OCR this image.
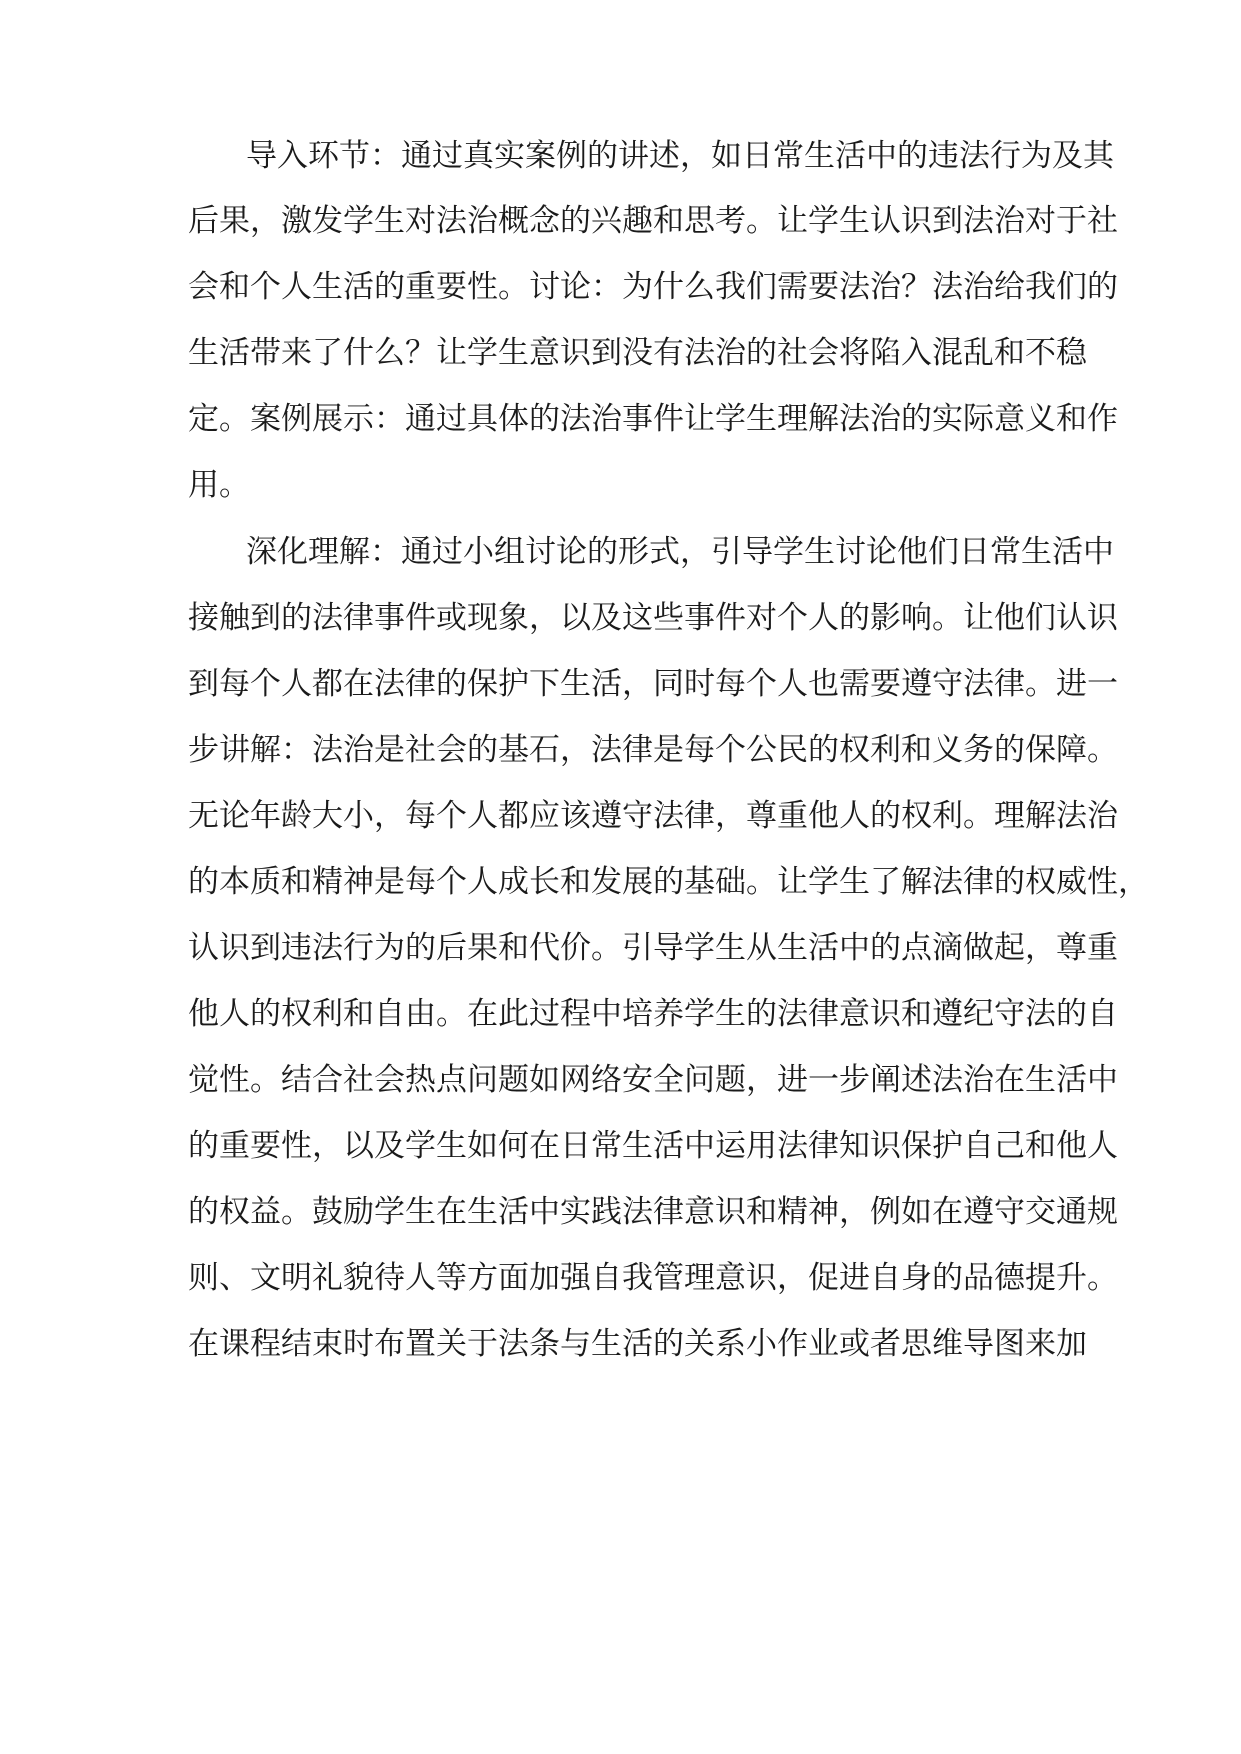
导入环节：通过真实案例的讲述，如日常生活中的违法行为及其

后果，激发学生对法治概念的兴趣和思考。让学生认识到法治对于社

会和个人生活的重要性。讨论：为什么我们需要法治？法治给我们的

生活带来了什么？让学生意识到没有法治的社会将陷入混乱和不稳

定。案例展示：通过具体的法治事件让学生理解法治的实际意义和作

用。

深化理解：通过小组讨论的形式，引导学生讨论他们日常生活中

接触到的法律事件或现象，以及这些事件对个人的影响。让他们认识

到每个人都在法律的保护下生活，同时每个人也需要遵守法律。进一

步讲解：法治是社会的基石，法律是每个公民的权利和义务的保障。

无论年龄大小，每个人都应该遵守法律，尊重他人的权利。理解法治

的本质和精神是每个人成长和发展的基础。让学生了解法律的权威性，

认识到违法行为的后果和代价。引导学生从生活中的点滴做起，尊重

他人的权利和自由。在此过程中培养学生的法律意识和遵纪守法的自

觉性。结合社会热点问题如网络安全问题，进一步阐述法治在生活中

的重要性，以及学生如何在日常生活中运用法律知识保护自己和他人

的权益。鼓励学生在生活中实践法律意识和精神，例如在遵守交通规

则、文明礼貌待人等方面加强自我管理意识，促进自身的品德提升。

在课程结束时布置关于法条与生活的关系小作业或者思维导图来加
